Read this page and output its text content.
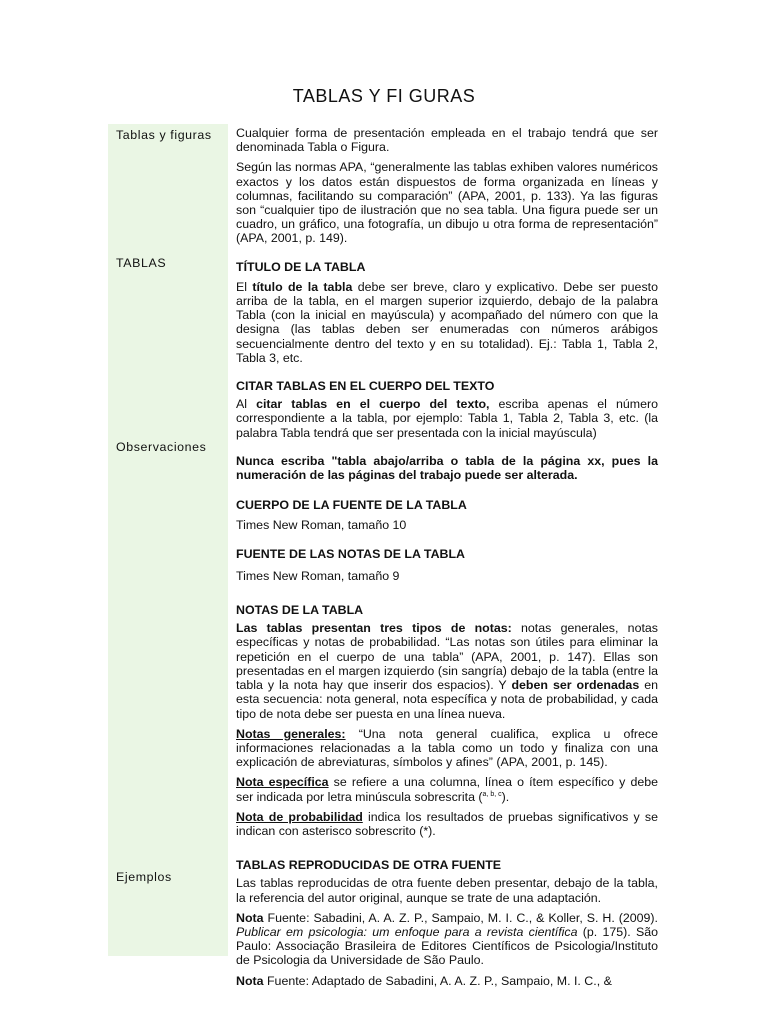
TABLAS Y FI GURAS
Tablas y figuras
TABLAS
Observaciones
Ejemplos

Cualquier forma de presentación empleada en el trabajo tendrá que ser denominada Tabla o Figura.

Según las normas APA, “generalmente las tablas exhiben valores numéricos exactos y los datos están dispuestos de forma organizada en líneas y columnas, facilitando su comparación” (APA, 2001, p. 133). Ya las figuras son “cualquier tipo de ilustración que no sea tabla. Una figura puede ser un cuadro, un gráfico, una fotografía, un dibujo u otra forma de representación” (APA, 2001, p. 149).

TÍTULO DE LA TABLA

El título de la tabla debe ser breve, claro y explicativo. Debe ser puesto arriba de la tabla, en el margen superior izquierdo, debajo de la palabra Tabla (con la inicial en mayúscula) y acompañado del número con que la designa (las tablas deben ser enumeradas con números arábigos secuencialmente dentro del texto y en su totalidad). Ej.: Tabla 1, Tabla 2, Tabla 3, etc.

CITAR TABLAS EN EL CUERPO DEL TEXTO

Al citar tablas en el cuerpo del texto, escriba apenas el número correspondiente a la tabla, por ejemplo: Tabla 1, Tabla 2, Tabla 3, etc. (la palabra Tabla tendrá que ser presentada con la inicial mayúscula)

Nunca escriba "tabla abajo/arriba o tabla de la página xx, pues la numeración de las páginas del trabajo puede ser alterada.

CUERPO DE LA FUENTE DE LA TABLA

Times New Roman, tamaño 10

FUENTE DE LAS NOTAS DE LA TABLA

Times New Roman, tamaño 9

NOTAS DE LA TABLA

Las tablas presentan tres tipos de notas: notas generales, notas específicas y notas de probabilidad. “Las notas son útiles para eliminar la repetición en el cuerpo de una tabla” (APA, 2001, p. 147). Ellas son presentadas en el margen izquierdo (sin sangría) debajo de la tabla (entre la tabla y la nota hay que inserir dos espacios). Y deben ser ordenadas en esta secuencia: nota general, nota específica y nota de probabilidad, y cada tipo de nota debe ser puesta en una línea nueva.

Notas generales: “Una nota general cualifica, explica u ofrece informaciones relacionadas a la tabla como un todo y finaliza con una explicación de abreviaturas, símbolos y afines” (APA, 2001, p. 145).

Nota específica se refiere a una columna, línea o ítem específico y debe ser indicada por letra minúscula sobrescrita ($^{a, b, c}$).

Nota de probabilidad indica los resultados de pruebas significativos y se indican con asterisco sobrescrito (*).

TABLAS REPRODUCIDAS DE OTRA FUENTE

Las tablas reproducidas de otra fuente deben presentar, debajo de la tabla, la referencia del autor original, aunque se trate de una adaptación.

Nota Fuente: Sabadini, A. A. Z. P., Sampaio, M. I. C., & Koller, S. H. (2009). Publicar em psicologia: um enfoque para a revista científica (p. 175). São Paulo: Associação Brasileira de Editores Científicos de Psicologia/Instituto de Psicologia da Universidade de São Paulo.

Nota Fuente: Adaptado de Sabadini, A. A. Z. P., Sampaio, M. I. C., &
